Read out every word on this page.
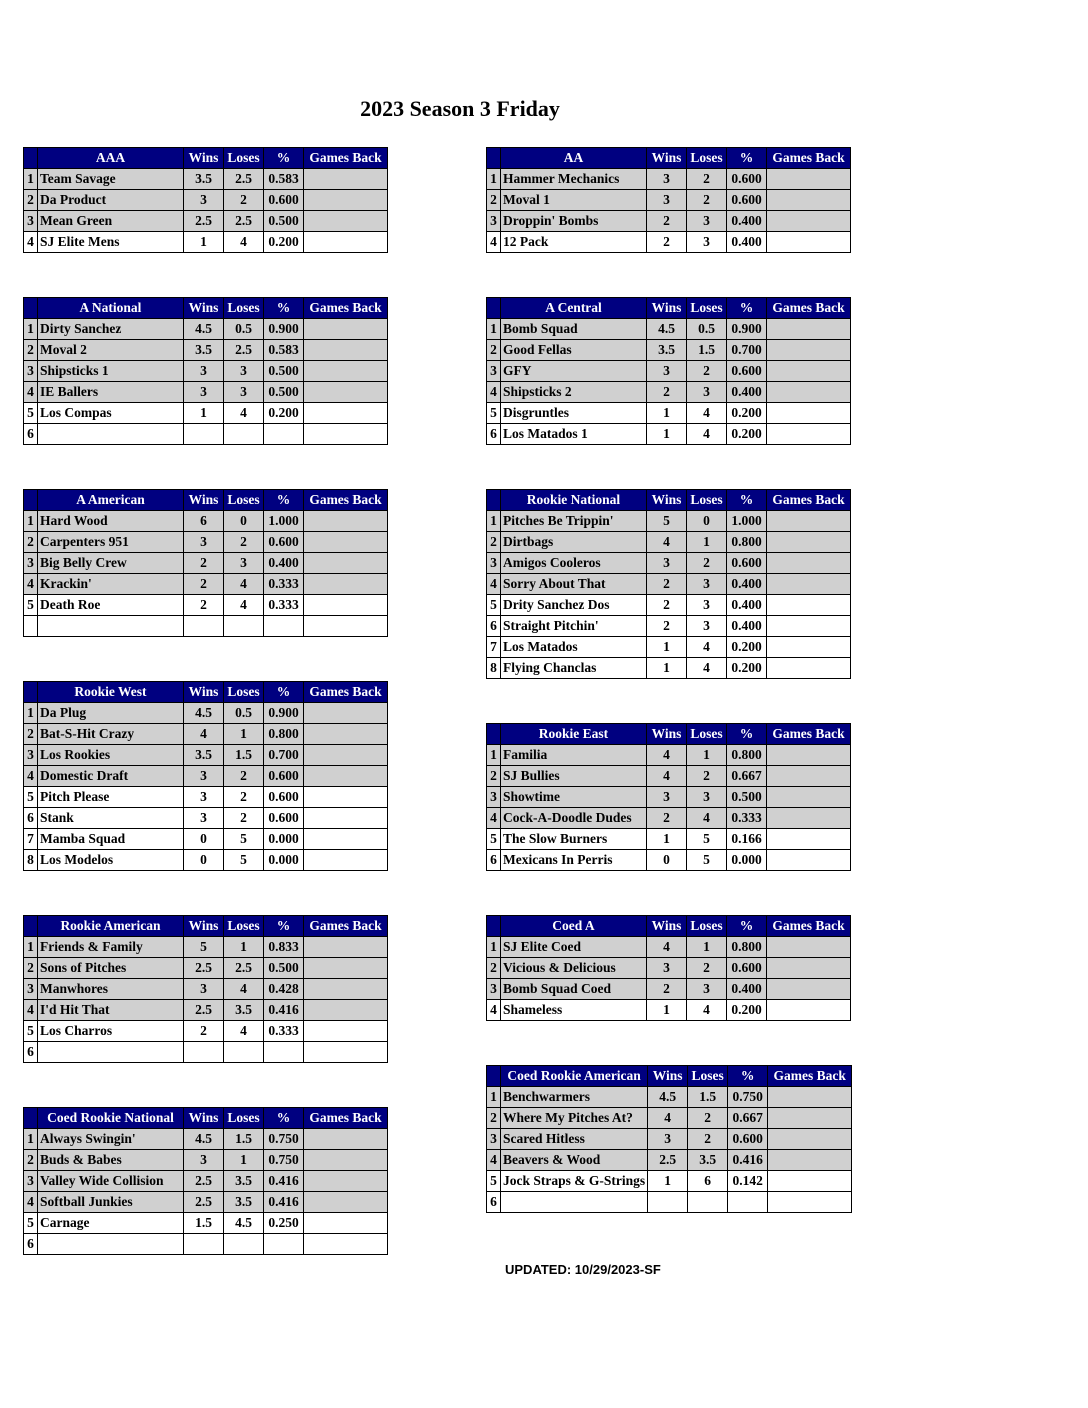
2023 Season 3 Friday
	AAA	Wins	Loses	%	Games Back
1	Team Savage	3.5	2.5	0.583	
2	Da Product	3	2	0.600	
3	Mean Green	2.5	2.5	0.500	
4	SJ Elite Mens	1	4	0.200	
	AA	Wins	Loses	%	Games Back
1	Hammer Mechanics	3	2	0.600	
2	Moval 1	3	2	0.600	
3	Droppin' Bombs	2	3	0.400	
4	12 Pack	2	3	0.400	
	A National	Wins	Loses	%	Games Back
1	Dirty Sanchez	4.5	0.5	0.900	
2	Moval 2	3.5	2.5	0.583	
3	Shipsticks 1	3	3	0.500	
4	IE Ballers	3	3	0.500	
5	Los Compas	1	4	0.200	
6					
	A Central	Wins	Loses	%	Games Back
1	Bomb Squad	4.5	0.5	0.900	
2	Good Fellas	3.5	1.5	0.700	
3	GFY	3	2	0.600	
4	Shipsticks 2	2	3	0.400	
5	Disgruntles	1	4	0.200	
6	Los Matados 1	1	4	0.200	
	A American	Wins	Loses	%	Games Back
1	Hard Wood	6	0	1.000	
2	Carpenters 951	3	2	0.600	
3	Big Belly Crew	2	3	0.400	
4	Krackin'	2	4	0.333	
5	Death Roe	2	4	0.333	

	Rookie National	Wins	Loses	%	Games Back
1	Pitches Be Trippin'	5	0	1.000	
2	Dirtbags	4	1	0.800	
3	Amigos Cooleros	3	2	0.600	
4	Sorry About That	2	3	0.400	
5	Drity Sanchez Dos	2	3	0.400	
6	Straight Pitchin'	2	3	0.400	
7	Los Matados	1	4	0.200	
8	Flying Chanclas	1	4	0.200	
	Rookie West	Wins	Loses	%	Games Back
1	Da Plug	4.5	0.5	0.900	
2	Bat-S-Hit Crazy	4	1	0.800	
3	Los Rookies	3.5	1.5	0.700	
4	Domestic Draft	3	2	0.600	
5	Pitch Please	3	2	0.600	
6	Stank	3	2	0.600	
7	Mamba Squad	0	5	0.000	
8	Los Modelos	0	5	0.000	
	Rookie East	Wins	Loses	%	Games Back
1	Familia	4	1	0.800	
2	SJ Bullies	4	2	0.667	
3	Showtime	3	3	0.500	
4	Cock-A-Doodle Dudes	2	4	0.333	
5	The Slow Burners	1	5	0.166	
6	Mexicans In Perris	0	5	0.000	
	Rookie American	Wins	Loses	%	Games Back
1	Friends & Family	5	1	0.833	
2	Sons of Pitches	2.5	2.5	0.500	
3	Manwhores	3	4	0.428	
4	I'd Hit That	2.5	3.5	0.416	
5	Los Charros	2	4	0.333	
6					
	Coed A	Wins	Loses	%	Games Back
1	SJ Elite Coed	4	1	0.800	
2	Vicious & Delicious	3	2	0.600	
3	Bomb Squad Coed	2	3	0.400	
4	Shameless	1	4	0.200	
	Coed Rookie American	Wins	Loses	%	Games Back
1	Benchwarmers	4.5	1.5	0.750	
2	Where My Pitches At?	4	2	0.667	
3	Scared Hitless	3	2	0.600	
4	Beavers & Wood	2.5	3.5	0.416	
5	Jock Straps & G-Strings	1	6	0.142	
6					
	Coed Rookie National	Wins	Loses	%	Games Back
1	Always Swingin'	4.5	1.5	0.750	
2	Buds & Babes	3	1	0.750	
3	Valley Wide Collision	2.5	3.5	0.416	
4	Softball Junkies	2.5	3.5	0.416	
5	Carnage	1.5	4.5	0.250	
6					
UPDATED: 10/29/2023-SF
